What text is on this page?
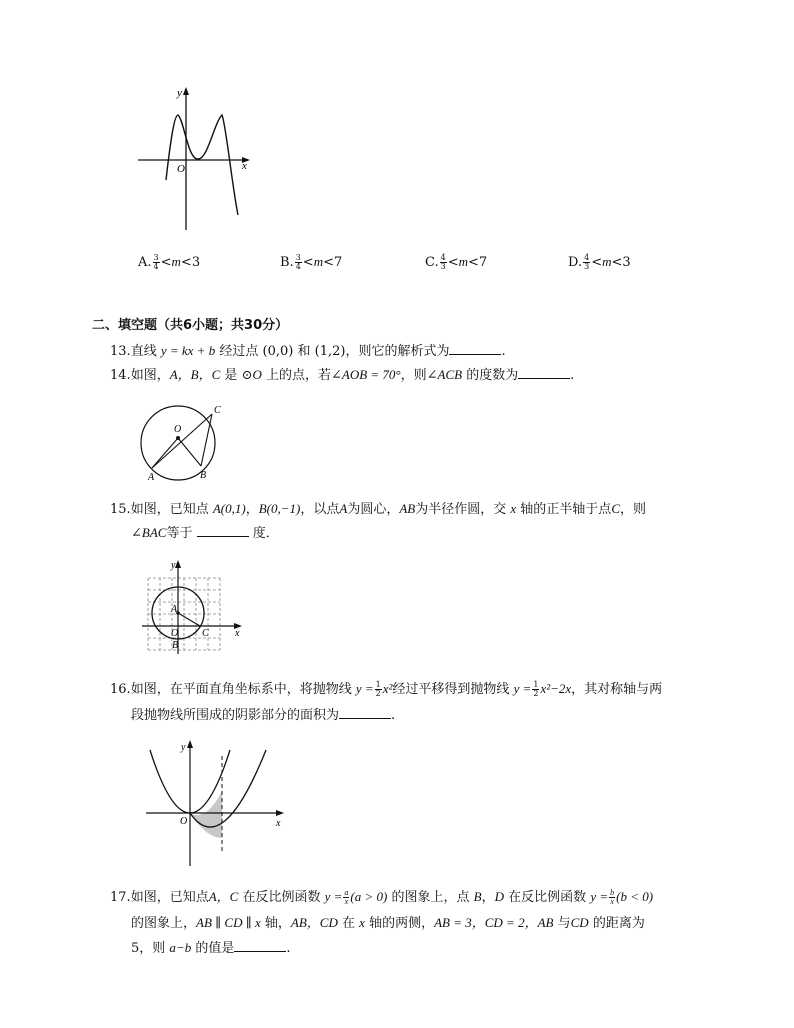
x
y
O
A. $\frac{3}{4} <m<3$	B. $\frac{3}{4} <m<7$	C. $\frac{4}{3} <m<7$	D. $\frac{4}{3} <m<3$
二、填空题（共6小题；共30分）
13.直线 y = kx + b 经过点 (0,0) 和 (1,2)，则它的解析式为	.
14.如图，A，B，C 是 ⊙O 上的点，若∠AOB = 70°，则∠ACB 的度数为	.
O
A	B
C
15.如图，已知点 A(0,1)，B(0,−1)，以点A为圆心，AB为半径作圆，交 x 轴的正半轴于点C，则
∠BAC等于	度．
y
x
A
O C
B
16.如图，在平面直角坐标系中，将抛物线 $y = \frac{1}{2} x^2$经过平移得到抛物线 $y = \frac{1}{2} x^2-2x$，其对称轴与两
段抛物线所围成的阴影部分的面积为	.
y
x
O
17.如图，已知点A，C 在反比例函数 $y = \frac{a}{x} (a > 0)$ 的图象上，点 B，D 在反比例函数 $y = \frac{b}{x} (b < 0)$
的图象上，AB ∥ CD ∥ x 轴，AB，CD 在 x 轴的两侧，AB = 3，CD = 2，AB 与CD 的距离为
5，则 a−b 的值是	.
